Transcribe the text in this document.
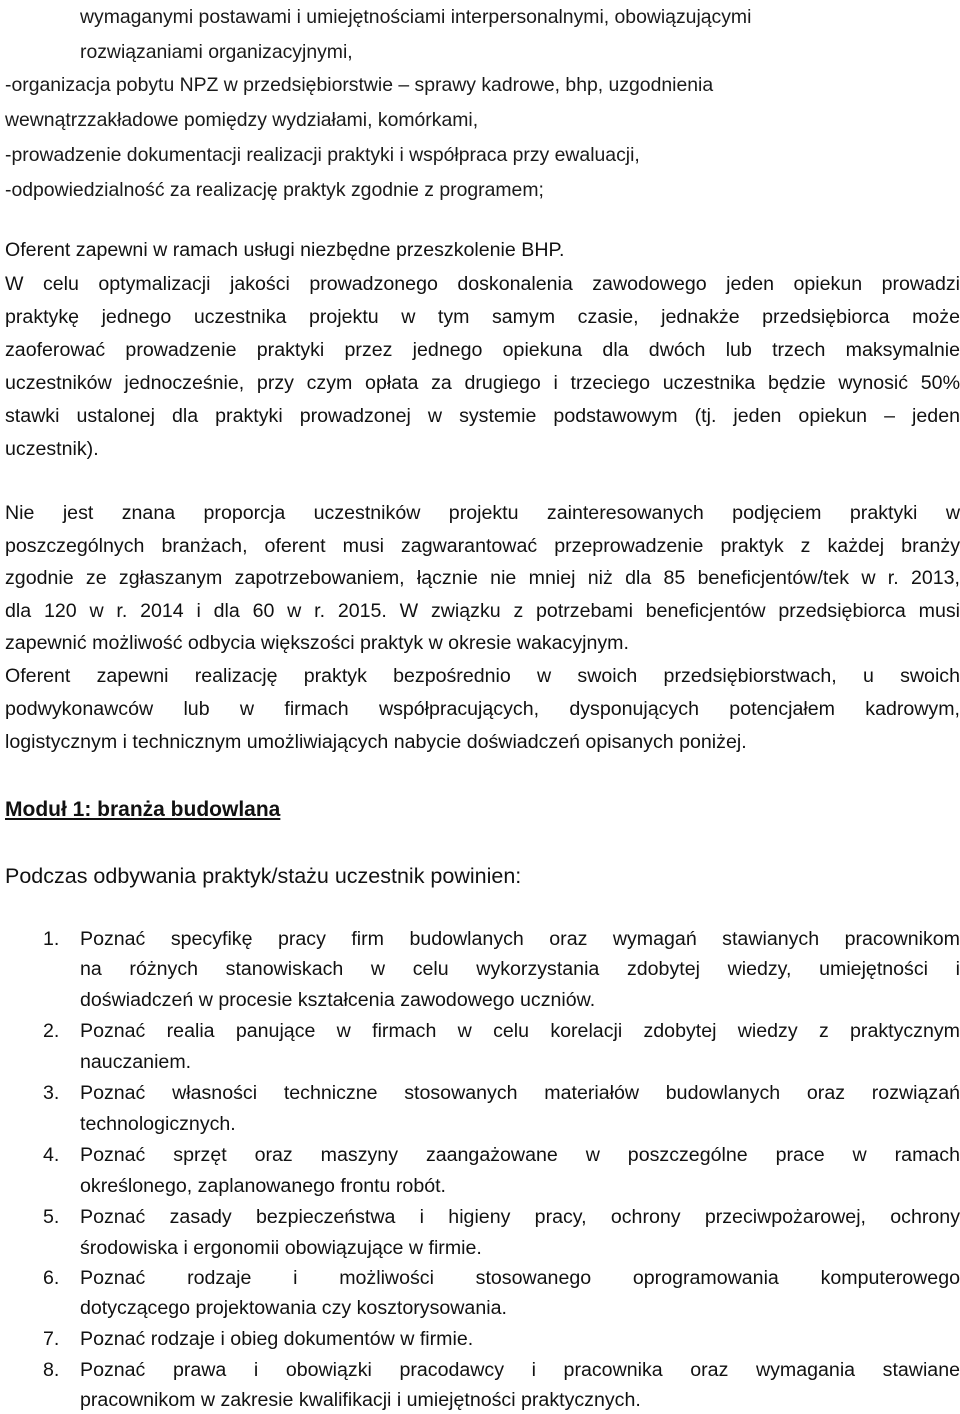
wymaganymi postawami i umiejętnościami interpersonalnymi, obowiązującymi
rozwiązaniami organizacyjnymi,
-organizacja pobytu NPZ w przedsiębiorstwie – sprawy kadrowe, bhp, uzgodnienia
wewnątrzzakładowe pomiędzy wydziałami, komórkami,
-prowadzenie dokumentacji realizacji praktyki i współpraca przy ewaluacji,
-odpowiedzialność za realizację praktyk zgodnie z programem;
Oferent zapewni w ramach usługi niezbędne przeszkolenie BHP.
W celu optymalizacji jakości prowadzonego doskonalenia zawodowego jeden opiekun prowadzi
praktykę jednego uczestnika projektu w tym samym czasie, jednakże przedsiębiorca może
zaoferować prowadzenie praktyki przez jednego opiekuna dla dwóch lub trzech maksymalnie
uczestników jednocześnie, przy czym opłata za drugiego i trzeciego uczestnika będzie wynosić 50%
stawki ustalonej dla praktyki prowadzonej w systemie podstawowym (tj. jeden opiekun – jeden
uczestnik).
Nie jest znana proporcja uczestników projektu zainteresowanych podjęciem praktyki w
poszczególnych branżach, oferent musi zagwarantować przeprowadzenie praktyk z każdej branży
zgodnie ze zgłaszanym zapotrzebowaniem, łącznie nie mniej niż dla 85 beneficjentów/tek w r. 2013,
dla 120 w r. 2014 i dla 60 w r. 2015. W związku z potrzebami beneficjentów przedsiębiorca musi
zapewnić możliwość odbycia większości praktyk w okresie wakacyjnym.
Oferent zapewni realizację praktyk bezpośrednio w swoich przedsiębiorstwach, u swoich
podwykonawców lub w firmach współpracujących, dysponujących potencjałem kadrowym,
logistycznym i technicznym umożliwiających nabycie doświadczeń opisanych poniżej.
Moduł 1: branża budowlana
Podczas odbywania praktyk/stażu uczestnik powinien:
1.	Poznać specyfikę pracy firm budowlanych oraz wymagań stawianych pracownikom
na różnych stanowiskach w celu wykorzystania zdobytej wiedzy, umiejętności i
doświadczeń w procesie kształcenia zawodowego uczniów.
2.	Poznać realia panujące w firmach w celu korelacji zdobytej wiedzy z praktycznym
nauczaniem.
3.	Poznać własności techniczne stosowanych materiałów budowlanych oraz rozwiązań
technologicznych.
4.	Poznać sprzęt oraz maszyny zaangażowane w poszczególne prace w ramach
określonego, zaplanowanego frontu robót.
5.	Poznać zasady bezpieczeństwa i higieny pracy, ochrony przeciwpożarowej, ochrony
środowiska i ergonomii obowiązujące w firmie.
6.	Poznać rodzaje i możliwości stosowanego oprogramowania komputerowego
dotyczącego projektowania czy kosztorysowania.
7.	Poznać rodzaje i obieg dokumentów w firmie.
8.	Poznać prawa i obowiązki pracodawcy i pracownika oraz wymagania stawiane
pracownikom w zakresie kwalifikacji i umiejętności praktycznych.
